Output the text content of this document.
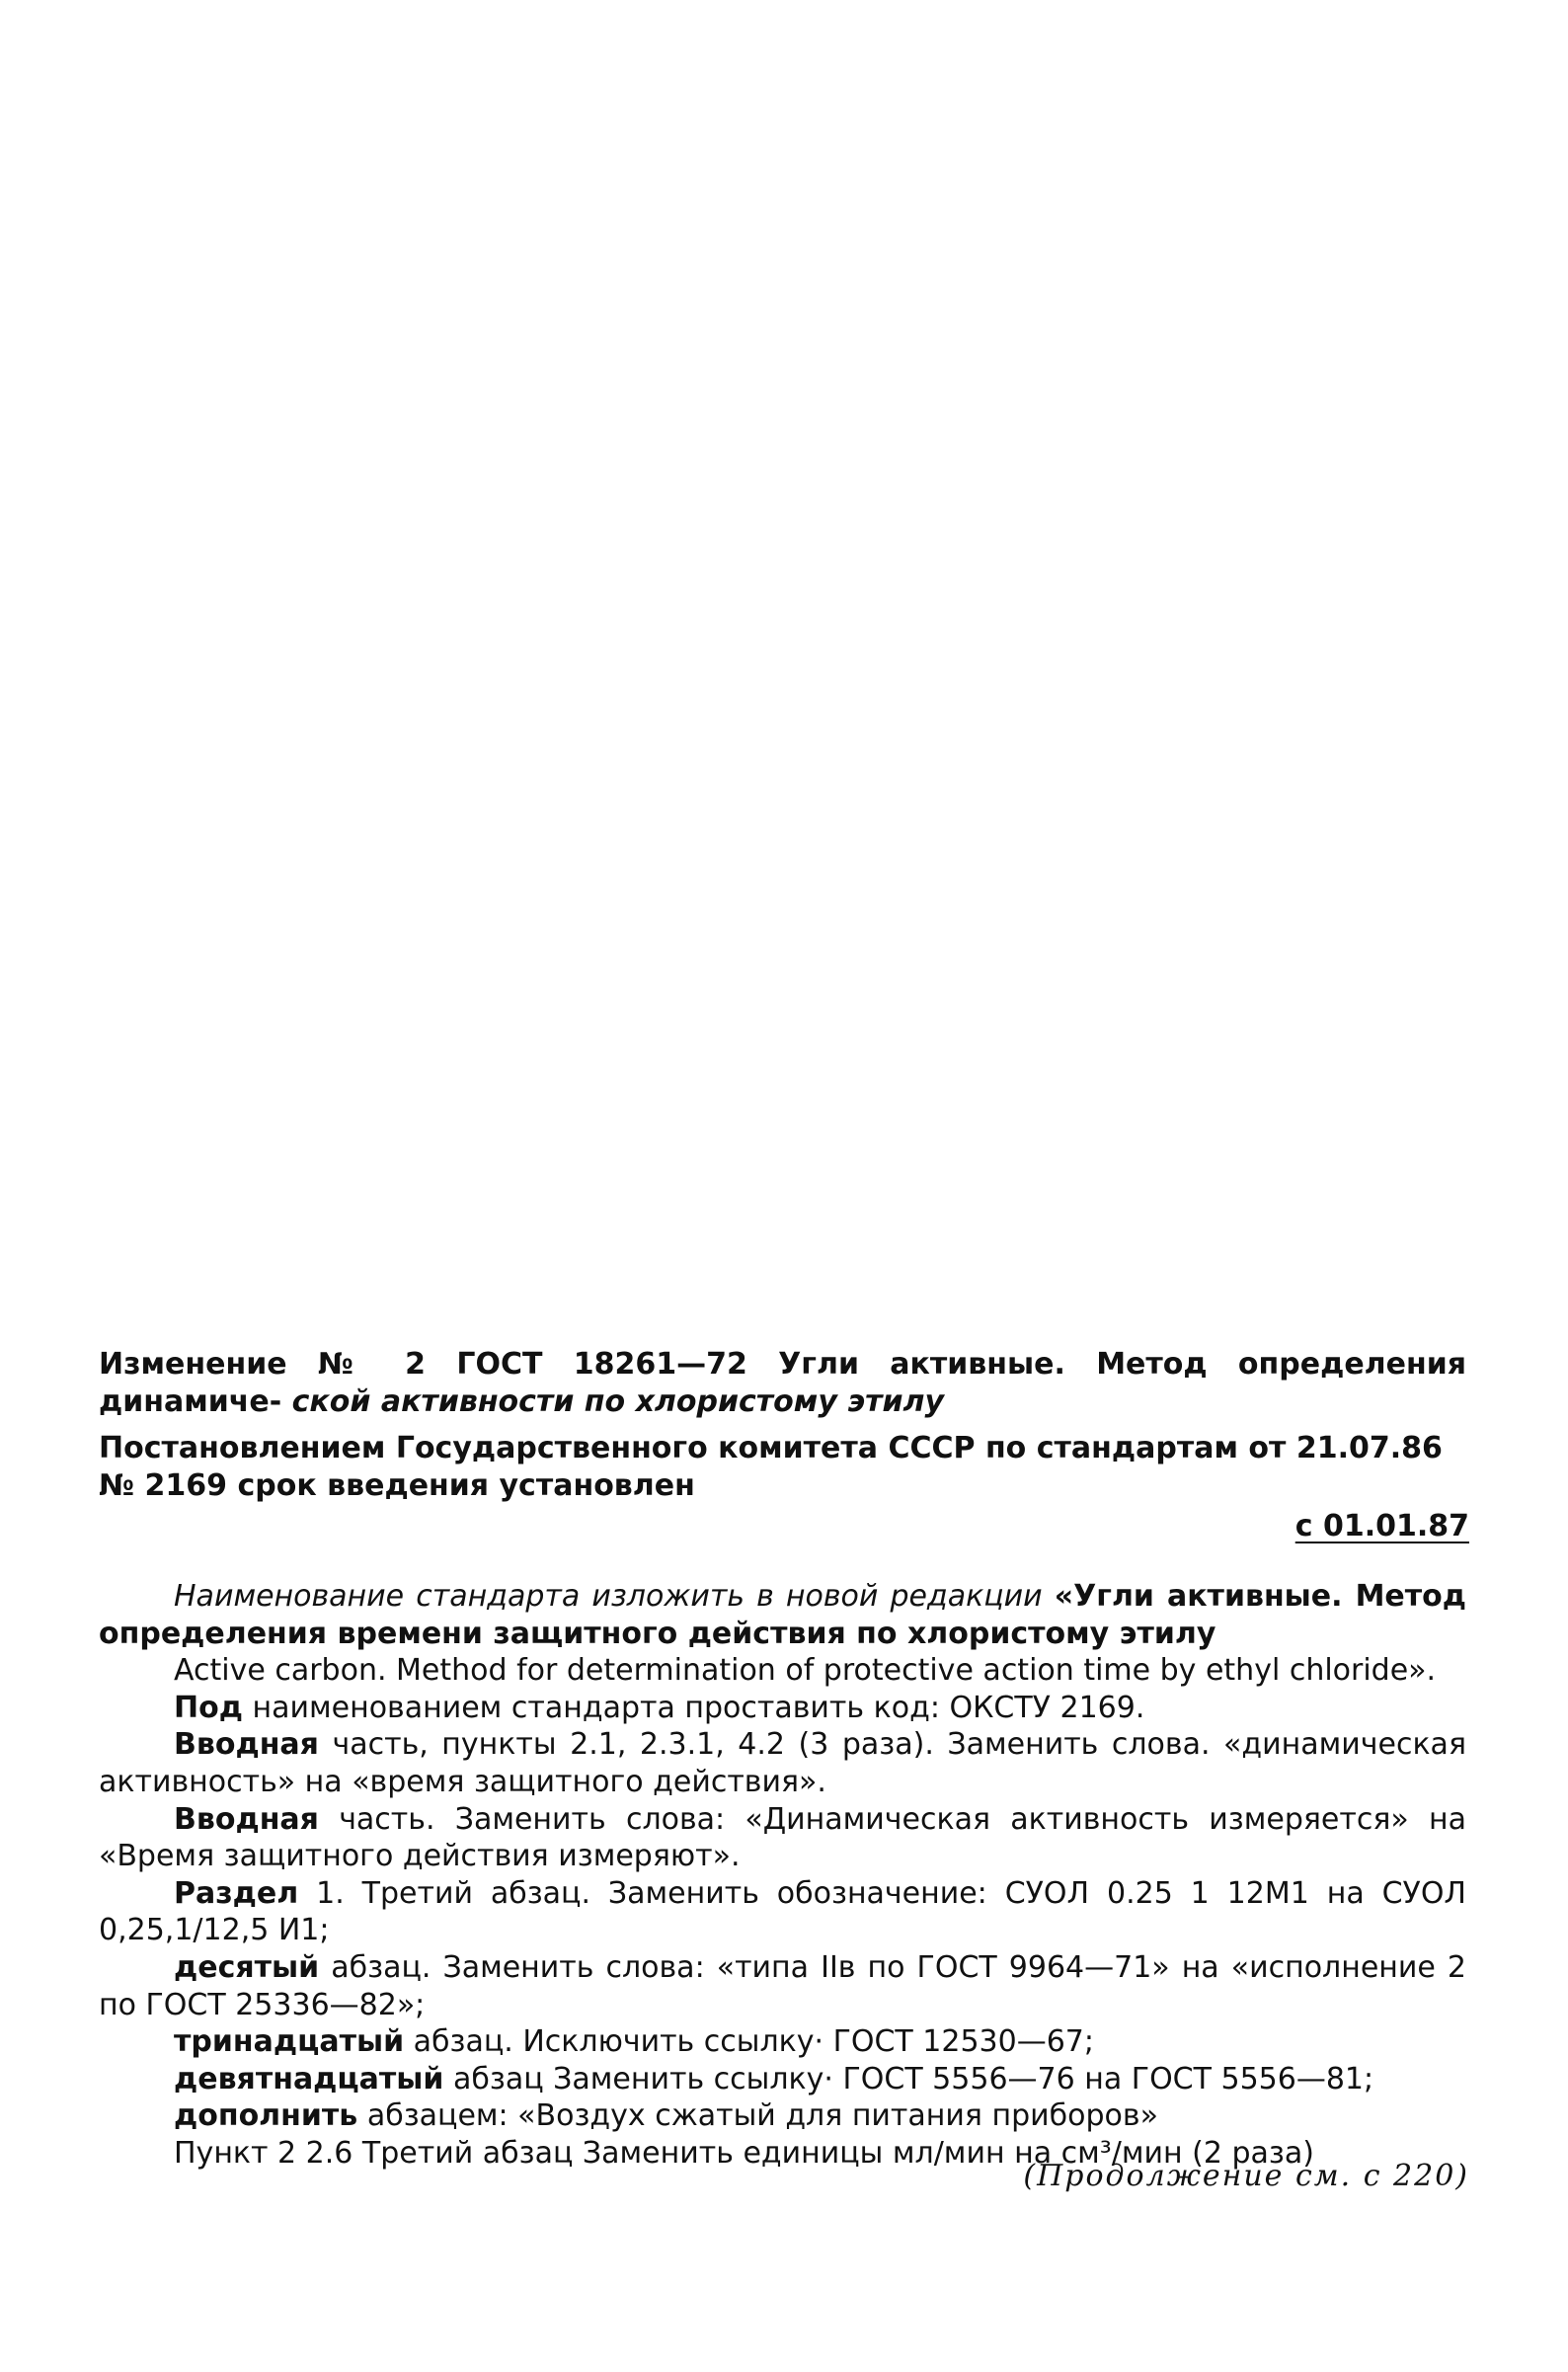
Изменение № 2 ГОСТ 18261—72 Угли активные. Метод определения динамиче- ской активности по хлористому этилу
Постановлением Государственного комитета СССР по стандартам от 21.07.86 № 2169 срок введения установлен
с 01.01.87

Наименование стандарта изложить в новой редакции «Угли активные. Метод определения времени защитного действия по хлористому этилу

Active carbon. Method for determination of protective action time by ethyl chloride».

Под наименованием стандарта проставить код: ОКСТУ 2169.

Вводная часть, пункты 2.1, 2.3.1, 4.2 (3 раза). Заменить слова. «динамическая активность» на «время защитного действия».

Вводная часть. Заменить слова: «Динамическая активность измеряется» на «Время защитного действия измеряют».

Раздел 1. Третий абзац. Заменить обозначение: СУОЛ 0.25 1 12М1 на СУОЛ 0,25,1/12,5 И1;

десятый абзац. Заменить слова: «типа IIв по ГОСТ 9964—71» на «исполнение 2 по ГОСТ 25336—82»;

тринадцатый абзац. Исключить ссылку· ГОСТ 12530—67;

девятнадцатый абзац Заменить ссылку· ГОСТ 5556—76 на ГОСТ 5556—81;

дополнить абзацем: «Воздух сжатый для питания приборов»

Пункт 2 2.6 Третий абзац Заменить единицы мл/мин на см³/мин (2 раза)

(Продолжение см. с 220)
